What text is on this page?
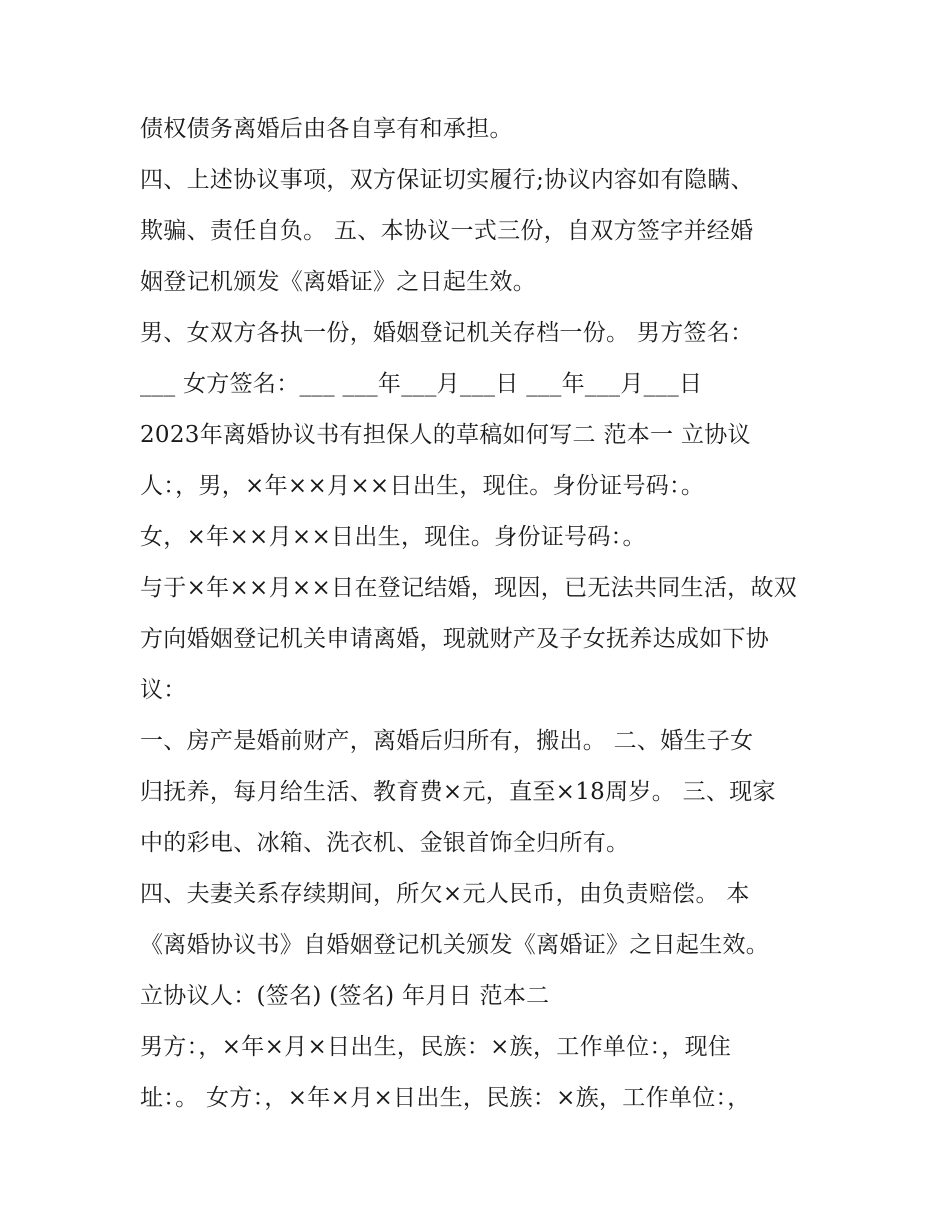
债权债务离婚后由各自享有和承担。
四、上述协议事项，双方保证切实履行;协议内容如有隐瞒、
欺骗、责任自负。 五、本协议一式三份，自双方签字并经婚
姻登记机颁发《离婚证》之日起生效。
男、女双方各执一份，婚姻登记机关存档一份。 男方签名：
___ 女方签名：___ ___年___月___日 ___年___月___日
2023年离婚协议书有担保人的草稿如何写二 范本一 立协议
人：，男，×年××月××日出生，现住。身份证号码：。
女，×年××月××日出生，现住。身份证号码：。
与于×年××月××日在登记结婚，现因，已无法共同生活，故双
方向婚姻登记机关申请离婚，现就财产及子女抚养达成如下协
议：
一、房产是婚前财产，离婚后归所有，搬出。 二、婚生子女
归抚养，每月给生活、教育费×元，直至×18周岁。 三、现家
中的彩电、冰箱、洗衣机、金银首饰全归所有。
四、夫妻关系存续期间，所欠×元人民币，由负责赔偿。 本
《离婚协议书》自婚姻登记机关颁发《离婚证》之日起生效。
立协议人：(签名) (签名) 年月日 范本二
男方：，×年×月×日出生，民族：×族，工作单位：，现住
址：。 女方：，×年×月×日出生，民族：×族，工作单位：，
